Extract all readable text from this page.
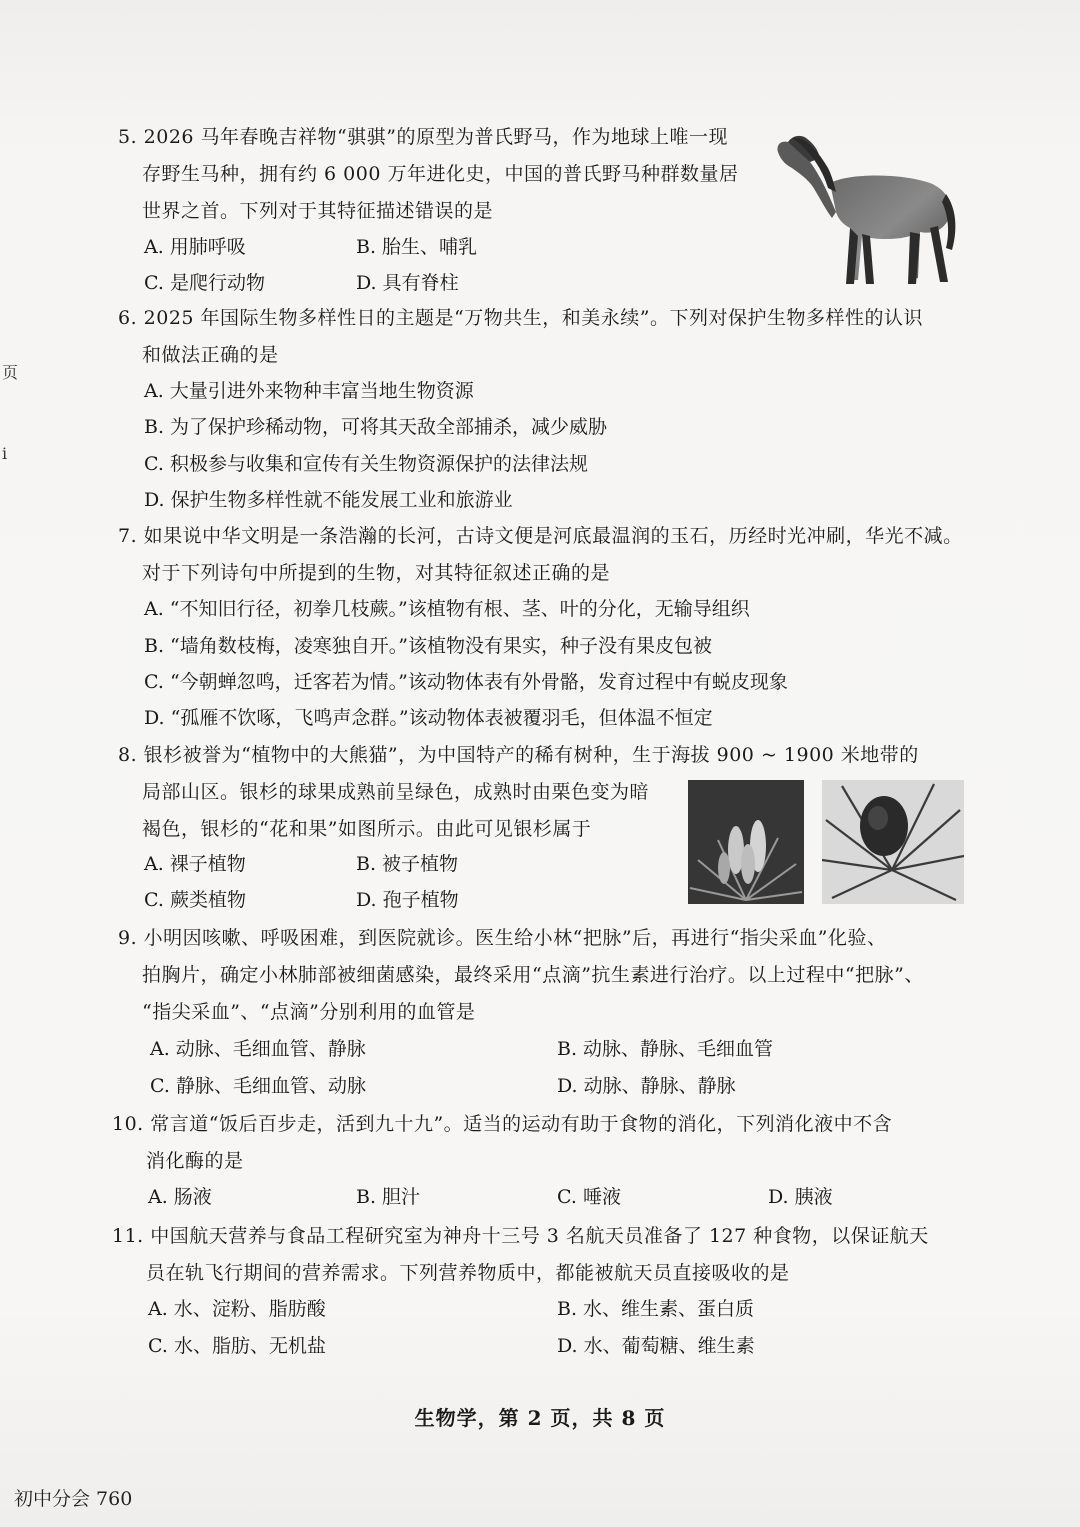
页
i
5. 2026 马年春晚吉祥物“骐骐”的原型为普氏野马，作为地球上唯一现
存野生马种，拥有约 6 000 万年进化史，中国的普氏野马种群数量居
世界之首。下列对于其特征描述错误的是
A. 用肺呼吸	B. 胎生、哺乳
C. 是爬行动物	D. 具有脊柱
6. 2025 年国际生物多样性日的主题是“万物共生，和美永续”。下列对保护生物多样性的认识
和做法正确的是
A. 大量引进外来物种丰富当地生物资源
B. 为了保护珍稀动物，可将其天敌全部捕杀，减少威胁
C. 积极参与收集和宣传有关生物资源保护的法律法规
D. 保护生物多样性就不能发展工业和旅游业
7. 如果说中华文明是一条浩瀚的长河，古诗文便是河底最温润的玉石，历经时光冲刷，华光不减。
对于下列诗句中所提到的生物，对其特征叙述正确的是
A. “不知旧行径，初拳几枝蕨。”该植物有根、茎、叶的分化，无输导组织
B. “墙角数枝梅，凌寒独自开。”该植物没有果实，种子没有果皮包被
C. “今朝蝉忽鸣，迁客若为情。”该动物体表有外骨骼，发育过程中有蜕皮现象
D. “孤雁不饮啄，飞鸣声念群。”该动物体表被覆羽毛，但体温不恒定
8. 银杉被誉为“植物中的大熊猫”，为中国特产的稀有树种，生于海拔 900 ~ 1900 米地带的
局部山区。银杉的球果成熟前呈绿色，成熟时由栗色变为暗
褐色，银杉的“花和果”如图所示。由此可见银杉属于
A. 裸子植物	B. 被子植物
C. 蕨类植物	D. 孢子植物
9. 小明因咳嗽、呼吸困难，到医院就诊。医生给小林“把脉”后，再进行“指尖采血”化验、
拍胸片，确定小林肺部被细菌感染，最终采用“点滴”抗生素进行治疗。以上过程中“把脉”、
“指尖采血”、“点滴”分别利用的血管是
A. 动脉、毛细血管、静脉	B. 动脉、静脉、毛细血管
C. 静脉、毛细血管、动脉	D. 动脉、静脉、静脉
10. 常言道“饭后百步走，活到九十九”。适当的运动有助于食物的消化，下列消化液中不含
消化酶的是
A. 肠液	B. 胆汁	C. 唾液	D. 胰液
11. 中国航天营养与食品工程研究室为神舟十三号 3 名航天员准备了 127 种食物，以保证航天
员在轨飞行期间的营养需求。下列营养物质中，都能被航天员直接吸收的是
A. 水、淀粉、脂肪酸	B. 水、维生素、蛋白质
C. 水、脂肪、无机盐	D. 水、葡萄糖、维生素
生物学，第 2 页，共 8 页
初中分会 760
